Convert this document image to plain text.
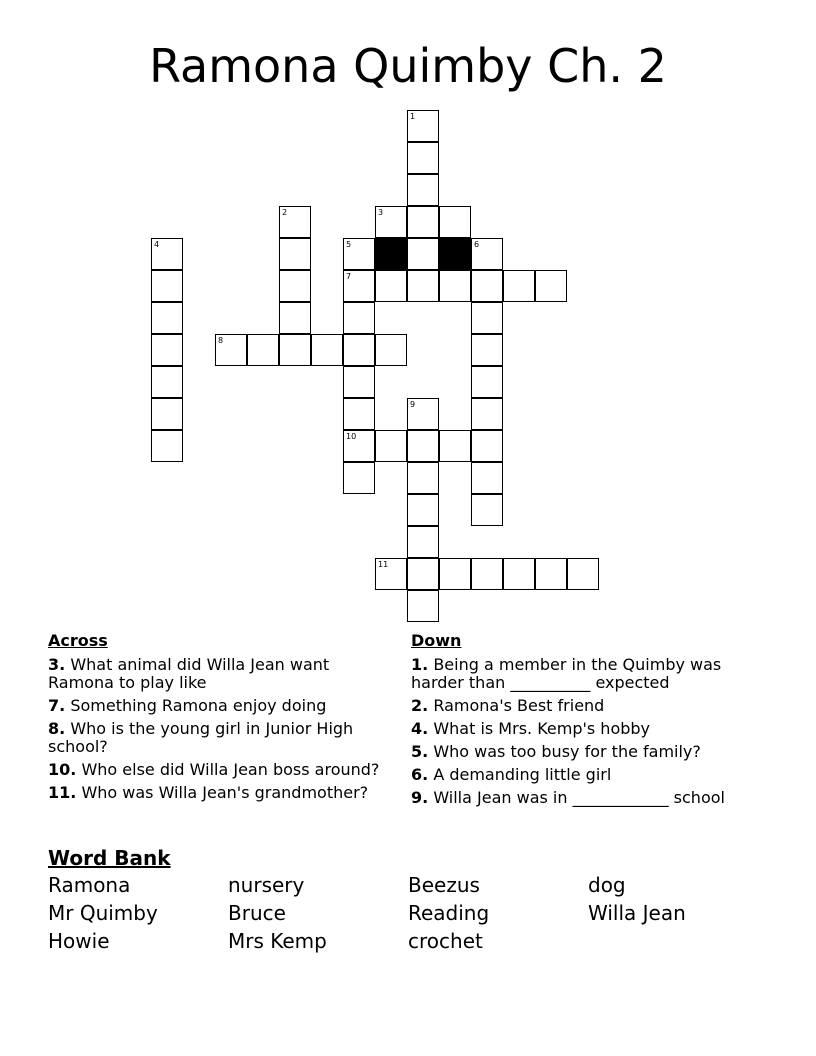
Ramona Quimby Ch. 2
1
2	3
4	5	6
7
8
9
10
11
Across
3. What animal did Willa Jean want Ramona to play like
7. Something Ramona enjoy doing
8. Who is the young girl in Junior High school?
10. Who else did Willa Jean boss around?
11. Who was Willa Jean's grandmother?
Down
1. Being a member in the Quimby was harder than __________ expected
2. Ramona's Best friend
4. What is Mrs. Kemp's hobby
5. Who was too busy for the family?
6. A demanding little girl
9. Willa Jean was in ____________ school
Word Bank
Ramona	nursery	Beezus	dog
Mr Quimby	Bruce	Reading	Willa Jean
Howie	Mrs Kemp	crochet
